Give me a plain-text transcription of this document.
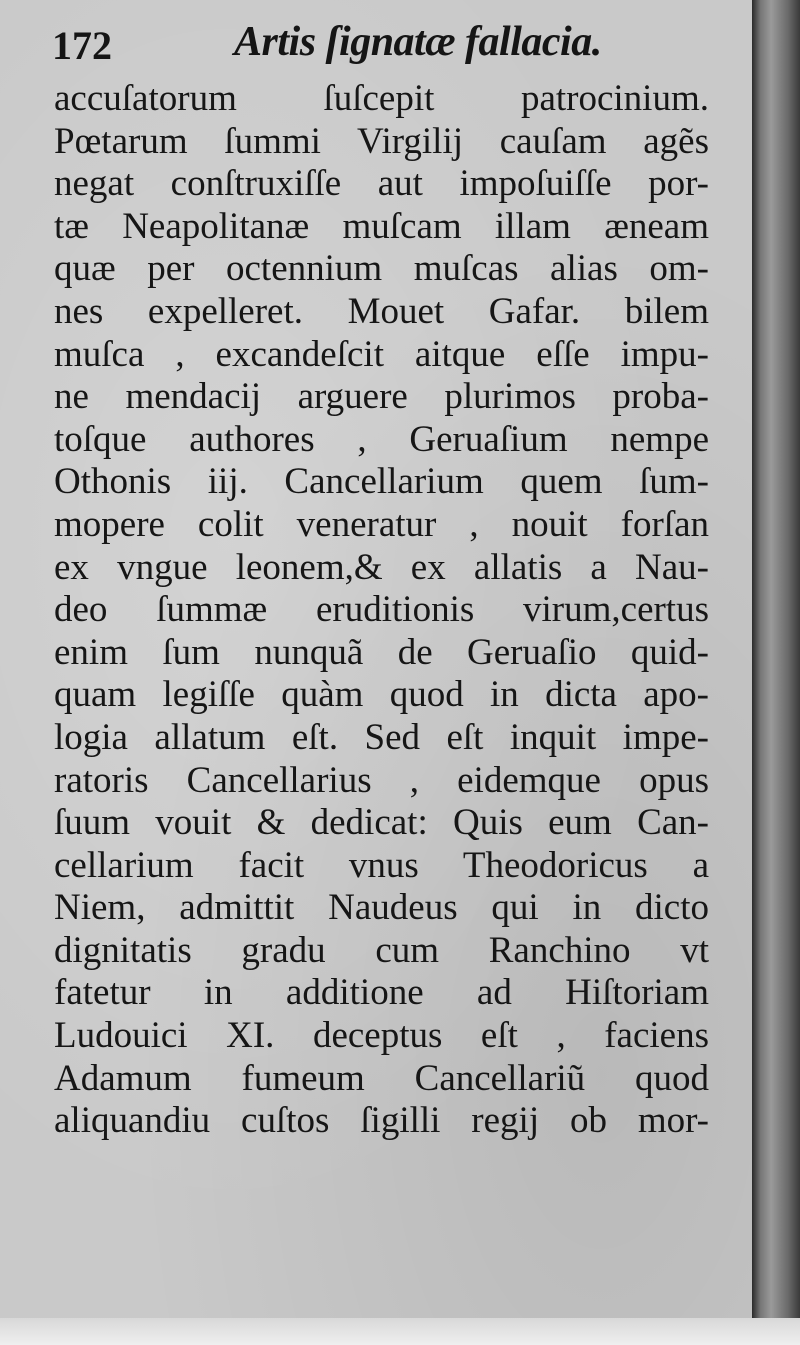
172	Artis ſignatæ fallacia.
accuſatorum ſuſcepit patrocinium.
Pœtarum ſummi Virgilij cauſam agẽs
negat conſtruxiſſe aut impoſuiſſe por-
tæ Neapolitanæ muſcam illam æneam
quæ per octennium muſcas alias om-
nes expelleret. Mouet Gafar. bilem
muſca , excandeſcit aitque eſſe impu-
ne mendacij arguere plurimos proba-
toſque authores , Geruaſium nempe
Othonis iij. Cancellarium quem ſum-
mopere colit veneratur , nouit forſan
ex vngue leonem,& ex allatis a Nau-
deo ſummæ eruditionis virum,certus
enim ſum nunquã de Geruaſio quid-
quam legiſſe quàm quod in dicta apo-
logia allatum eſt. Sed eſt inquit impe-
ratoris Cancellarius , eidemque opus
ſuum vouit & dedicat: Quis eum Can-
cellarium facit vnus Theodoricus a
Niem, admittit Naudeus qui in dicto
dignitatis gradu cum Ranchino vt
fatetur in additione ad Hiſtoriam
Ludouici XI. deceptus eſt , faciens
Adamum fumeum Cancellariũ quod
aliquandiu cuſtos ſigilli regij ob mor-
